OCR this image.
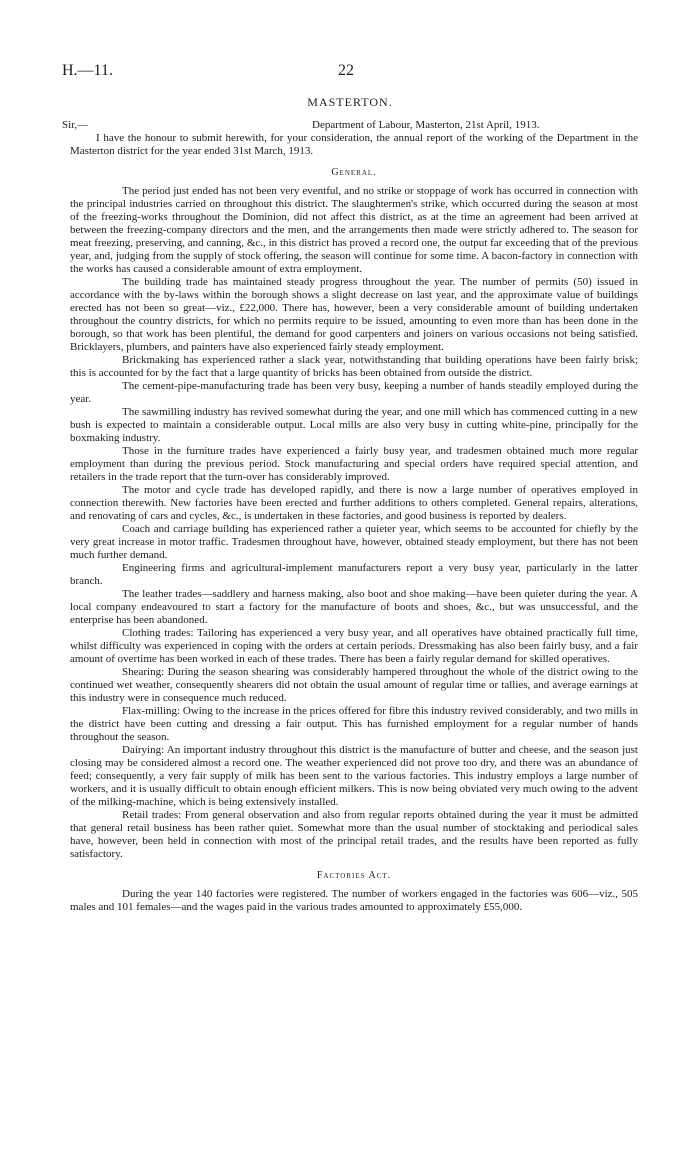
H.—11.	22
MASTERTON.
Sir,—	Department of Labour, Masterton, 21st April, 1913.

I have the honour to submit herewith, for your consideration, the annual report of the working of the Department in the Masterton district for the year ended 31st March, 1913.

General.

The period just ended has not been very eventful, and no strike or stoppage of work has occurred in connection with the principal industries carried on throughout this district. The slaughtermen's strike, which occurred during the season at most of the freezing-works throughout the Dominion, did not affect this district, as at the time an agreement had been arrived at between the freezing-company directors and the men, and the arrangements then made were strictly adhered to. The season for meat freezing, preserving, and canning, &c., in this district has proved a record one, the output far exceeding that of the previous year, and, judging from the supply of stock offering, the season will continue for some time. A bacon-factory in connection with the works has caused a considerable amount of extra employment.

The building trade has maintained steady progress throughout the year. The number of permits (50) issued in accordance with the by-laws within the borough shows a slight decrease on last year, and the approximate value of buildings erected has not been so great—viz., £22,000. There has, however, been a very considerable amount of building undertaken throughout the country districts, for which no permits require to be issued, amounting to even more than has been done in the borough, so that work has been plentiful, the demand for good carpenters and joiners on various occasions not being satisfied. Bricklayers, plumbers, and painters have also experienced fairly steady employment.

Brickmaking has experienced rather a slack year, notwithstanding that building operations have been fairly brisk; this is accounted for by the fact that a large quantity of bricks has been obtained from outside the district.

The cement-pipe-manufacturing trade has been very busy, keeping a number of hands steadily employed during the year.

The sawmilling industry has revived somewhat during the year, and one mill which has commenced cutting in a new bush is expected to maintain a considerable output. Local mills are also very busy in cutting white-pine, principally for the boxmaking industry.

Those in the furniture trades have experienced a fairly busy year, and tradesmen obtained much more regular employment than during the previous period. Stock manufacturing and special orders have required special attention, and retailers in the trade report that the turn-over has considerably improved.

The motor and cycle trade has developed rapidly, and there is now a large number of operatives employed in connection therewith. New factories have been erected and further additions to others completed. General repairs, alterations, and renovating of cars and cycles, &c., is undertaken in these factories, and good business is reported by dealers.

Coach and carriage building has experienced rather a quieter year, which seems to be accounted for chiefly by the very great increase in motor traffic. Tradesmen throughout have, however, obtained steady employment, but there has not been much further demand.

Engineering firms and agricultural-implement manufacturers report a very busy year, particularly in the latter branch.

The leather trades—saddlery and harness making, also boot and shoe making—have been quieter during the year. A local company endeavoured to start a factory for the manufacture of boots and shoes, &c., but was unsuccessful, and the enterprise has been abandoned.

Clothing trades: Tailoring has experienced a very busy year, and all operatives have obtained practically full time, whilst difficulty was experienced in coping with the orders at certain periods. Dressmaking has also been fairly busy, and a fair amount of overtime has been worked in each of these trades. There has been a fairly regular demand for skilled operatives.

Shearing: During the season shearing was considerably hampered throughout the whole of the district owing to the continued wet weather, consequently shearers did not obtain the usual amount of regular time or tallies, and average earnings at this industry were in consequence much reduced.

Flax-milling: Owing to the increase in the prices offered for fibre this industry revived considerably, and two mills in the district have been cutting and dressing a fair output. This has furnished employment for a regular number of hands throughout the season.

Dairying: An important industry throughout this district is the manufacture of butter and cheese, and the season just closing may be considered almost a record one. The weather experienced did not prove too dry, and there was an abundance of feed; consequently, a very fair supply of milk has been sent to the various factories. This industry employs a large number of workers, and it is usually difficult to obtain enough efficient milkers. This is now being obviated very much owing to the advent of the milking-machine, which is being extensively installed.

Retail trades: From general observation and also from regular reports obtained during the year it must be admitted that general retail business has been rather quiet. Somewhat more than the usual number of stocktaking and periodical sales have, however, been held in connection with most of the principal retail trades, and the results have been reported as fully satisfactory.

Factories Act.

During the year 140 factories were registered. The number of workers engaged in the factories was 606—viz., 505 males and 101 females—and the wages paid in the various trades amounted to approximately £55,000.
